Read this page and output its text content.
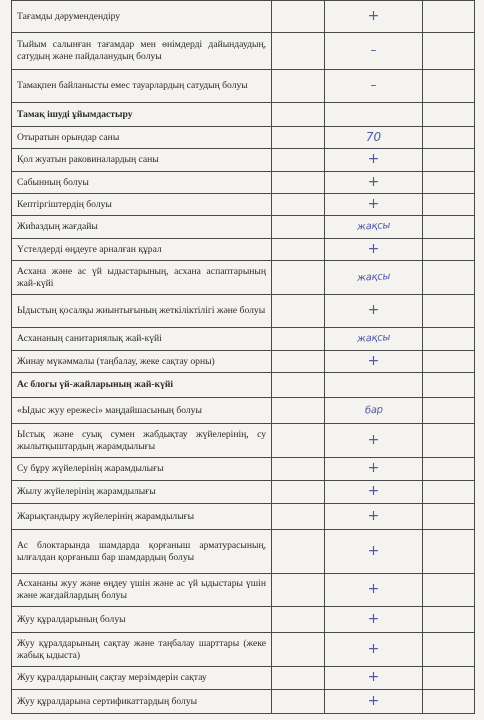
Тағамды дәрумендендіру		+	
Тыйым салынған тағамдар мен өнімдерді дайындаудың, сатудың және пайдаланудың болуы		–	
Тамақпен байланысты емес тауарлардың сатудың болуы		–	
Тамақ ішуді ұйымдастыру			
Отыратын орындар саны		70	
Қол жуатын раковиналардың саны		+	
Сабынның болуы		+	
Кептіргіштердің болуы		+	
Жиһаздың жағдайы		жақсы	
Үстелдерді өңдеуге арналған құрал		+	
Асхана және ас үй ыдыстарының, асхана аспаптарының жай-күйі		жақсы	
Ыдыстың қосалқы жиынтығының жеткіліктілігі және болуы		+	
Асхананың санитариялық жай-күйі		жақсы	
Жинау мүкәммалы (таңбалау, жеке сақтау орны)		+	
Ас блогы үй-жайларының жай-күйі			
«Ыдыс жуу ережесі» маңдайшасының болуы		бар	
Ыстық және суық сумен жабдықтау жүйелерінің, су жылытқыштардың жарамдылығы		+	
Су бұру жүйелерінің жарамдылығы		+	
Жылу жүйелерінің жарамдылығы		+	
Жарықтандыру жүйелерінің жарамдылығы		+	
Ас блоктарында шамдарда қорғаныш арматурасының, ылғалдан қорғаныш бар шамдардың болуы		+	
Асхананы жуу және өңдеу үшін және ас үй ыдыстары үшін және жағдайлардың болуы		+	
Жуу құралдарының болуы		+	
Жуу құралдарының сақтау және таңбалау шарттары (жеке жабық ыдыста)		+	
Жуу құралдарының сақтау мерзімдерін сақтау		+	
Жуу құралдарына сертификаттардың болуы		+	
